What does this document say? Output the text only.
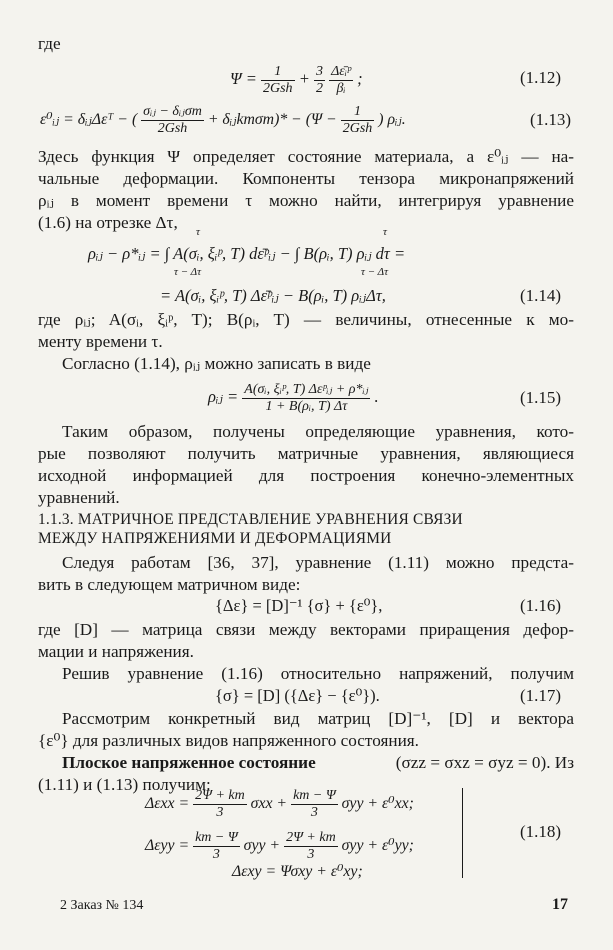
где
$\Psi = \frac{1}{\text{2Gsh}} + \frac{3}{2}$
$\frac{\text{Δε̄ᵢᵖ}}{\text{βᵢ}}$ ;	(1.12)
ε⁰ᵢⱼ = δᵢⱼΔεᵀ − ( $\frac{\text{σᵢⱼ − δᵢⱼσm}}{\text{2Gsh}}$ + δᵢⱼkmσm)* − ($\Psi - \frac{1}{\text{2Gsh}}$ ) ρᵢⱼ.	(1.13)
Здесь функция Ψ определяет состояние материала, а ε⁰ᵢⱼ — на-
чальные деформации. Компоненты тензора микронапряжений
ρᵢⱼ в момент времени τ можно найти, интегрируя уравнение
(1.6) на отрезке Δτ,
ρᵢⱼ − ρ*ᵢⱼ = ∫ A(σᵢ, ξᵢᵖ, T) dε̄ᵖᵢⱼ − ∫ B(ρᵢ, T) ρᵢⱼ dτ =
τ
τ − Δτ
τ
τ − Δτ
= A(σᵢ, ξᵢᵖ, T) Δε̄ᵖᵢⱼ − B(ρᵢ, T) ρᵢⱼΔτ,	(1.14)
где ρᵢⱼ; A(σᵢ, ξᵢᵖ, T); B(ρᵢ, T) — величины, отнесенные к мо-
менту времени τ.
Согласно (1.14), ρᵢⱼ можно записать в виде
ρᵢⱼ = $\frac{\text{A(σᵢ, ξᵢᵖ, T) Δεᵖᵢⱼ + ρ*ᵢⱼ}}{\text{1 + B(ρᵢ, T) Δτ}}$ .	(1.15)
Таким образом, получены определяющие уравнения, кото-
рые позволяют получить матричные уравнения, являющиеся
исходной информацией для построения конечно-элементных
уравнений.
1.1.3. МАТРИЧНОЕ ПРЕДСТАВЛЕНИЕ УРАВНЕНИЯ СВЯЗИ
МЕЖДУ НАПРЯЖЕНИЯМИ И ДЕФОРМАЦИЯМИ
Следуя работам [36, 37], уравнение (1.11) можно предста-
вить в следующем матричном виде:
{Δε} = [D]⁻¹ {σ} + {ε⁰},	(1.16)
где [D] — матрица связи между векторами приращения дефор-
мации и напряжения.
Решив уравнение (1.16) относительно напряжений, получим
{σ} = [D] ({Δε} − {ε⁰}).	(1.17)
Рассмотрим конкретный вид матриц [D]⁻¹, [D] и вектора
{ε⁰} для различных видов напряженного состояния.
Плоское напряженное состояние	(σzz = σxz = σyz = 0). Из
(1.11) и (1.13) получим:
$\Delta\varepsilon xx = \frac{2\Psi + km}{3}$ $\sigma xx + \frac{km - \Psi}{3}$ σyy + ε⁰xx;
$\Delta\varepsilon yy = \frac{km - \Psi}{3}$ $\sigma yy + \frac{2\Psi + km}{3}$ σyy + ε⁰yy;
Δεxy = Ψσxy + ε⁰xy;
(1.18)
2 Заказ № 134	17
